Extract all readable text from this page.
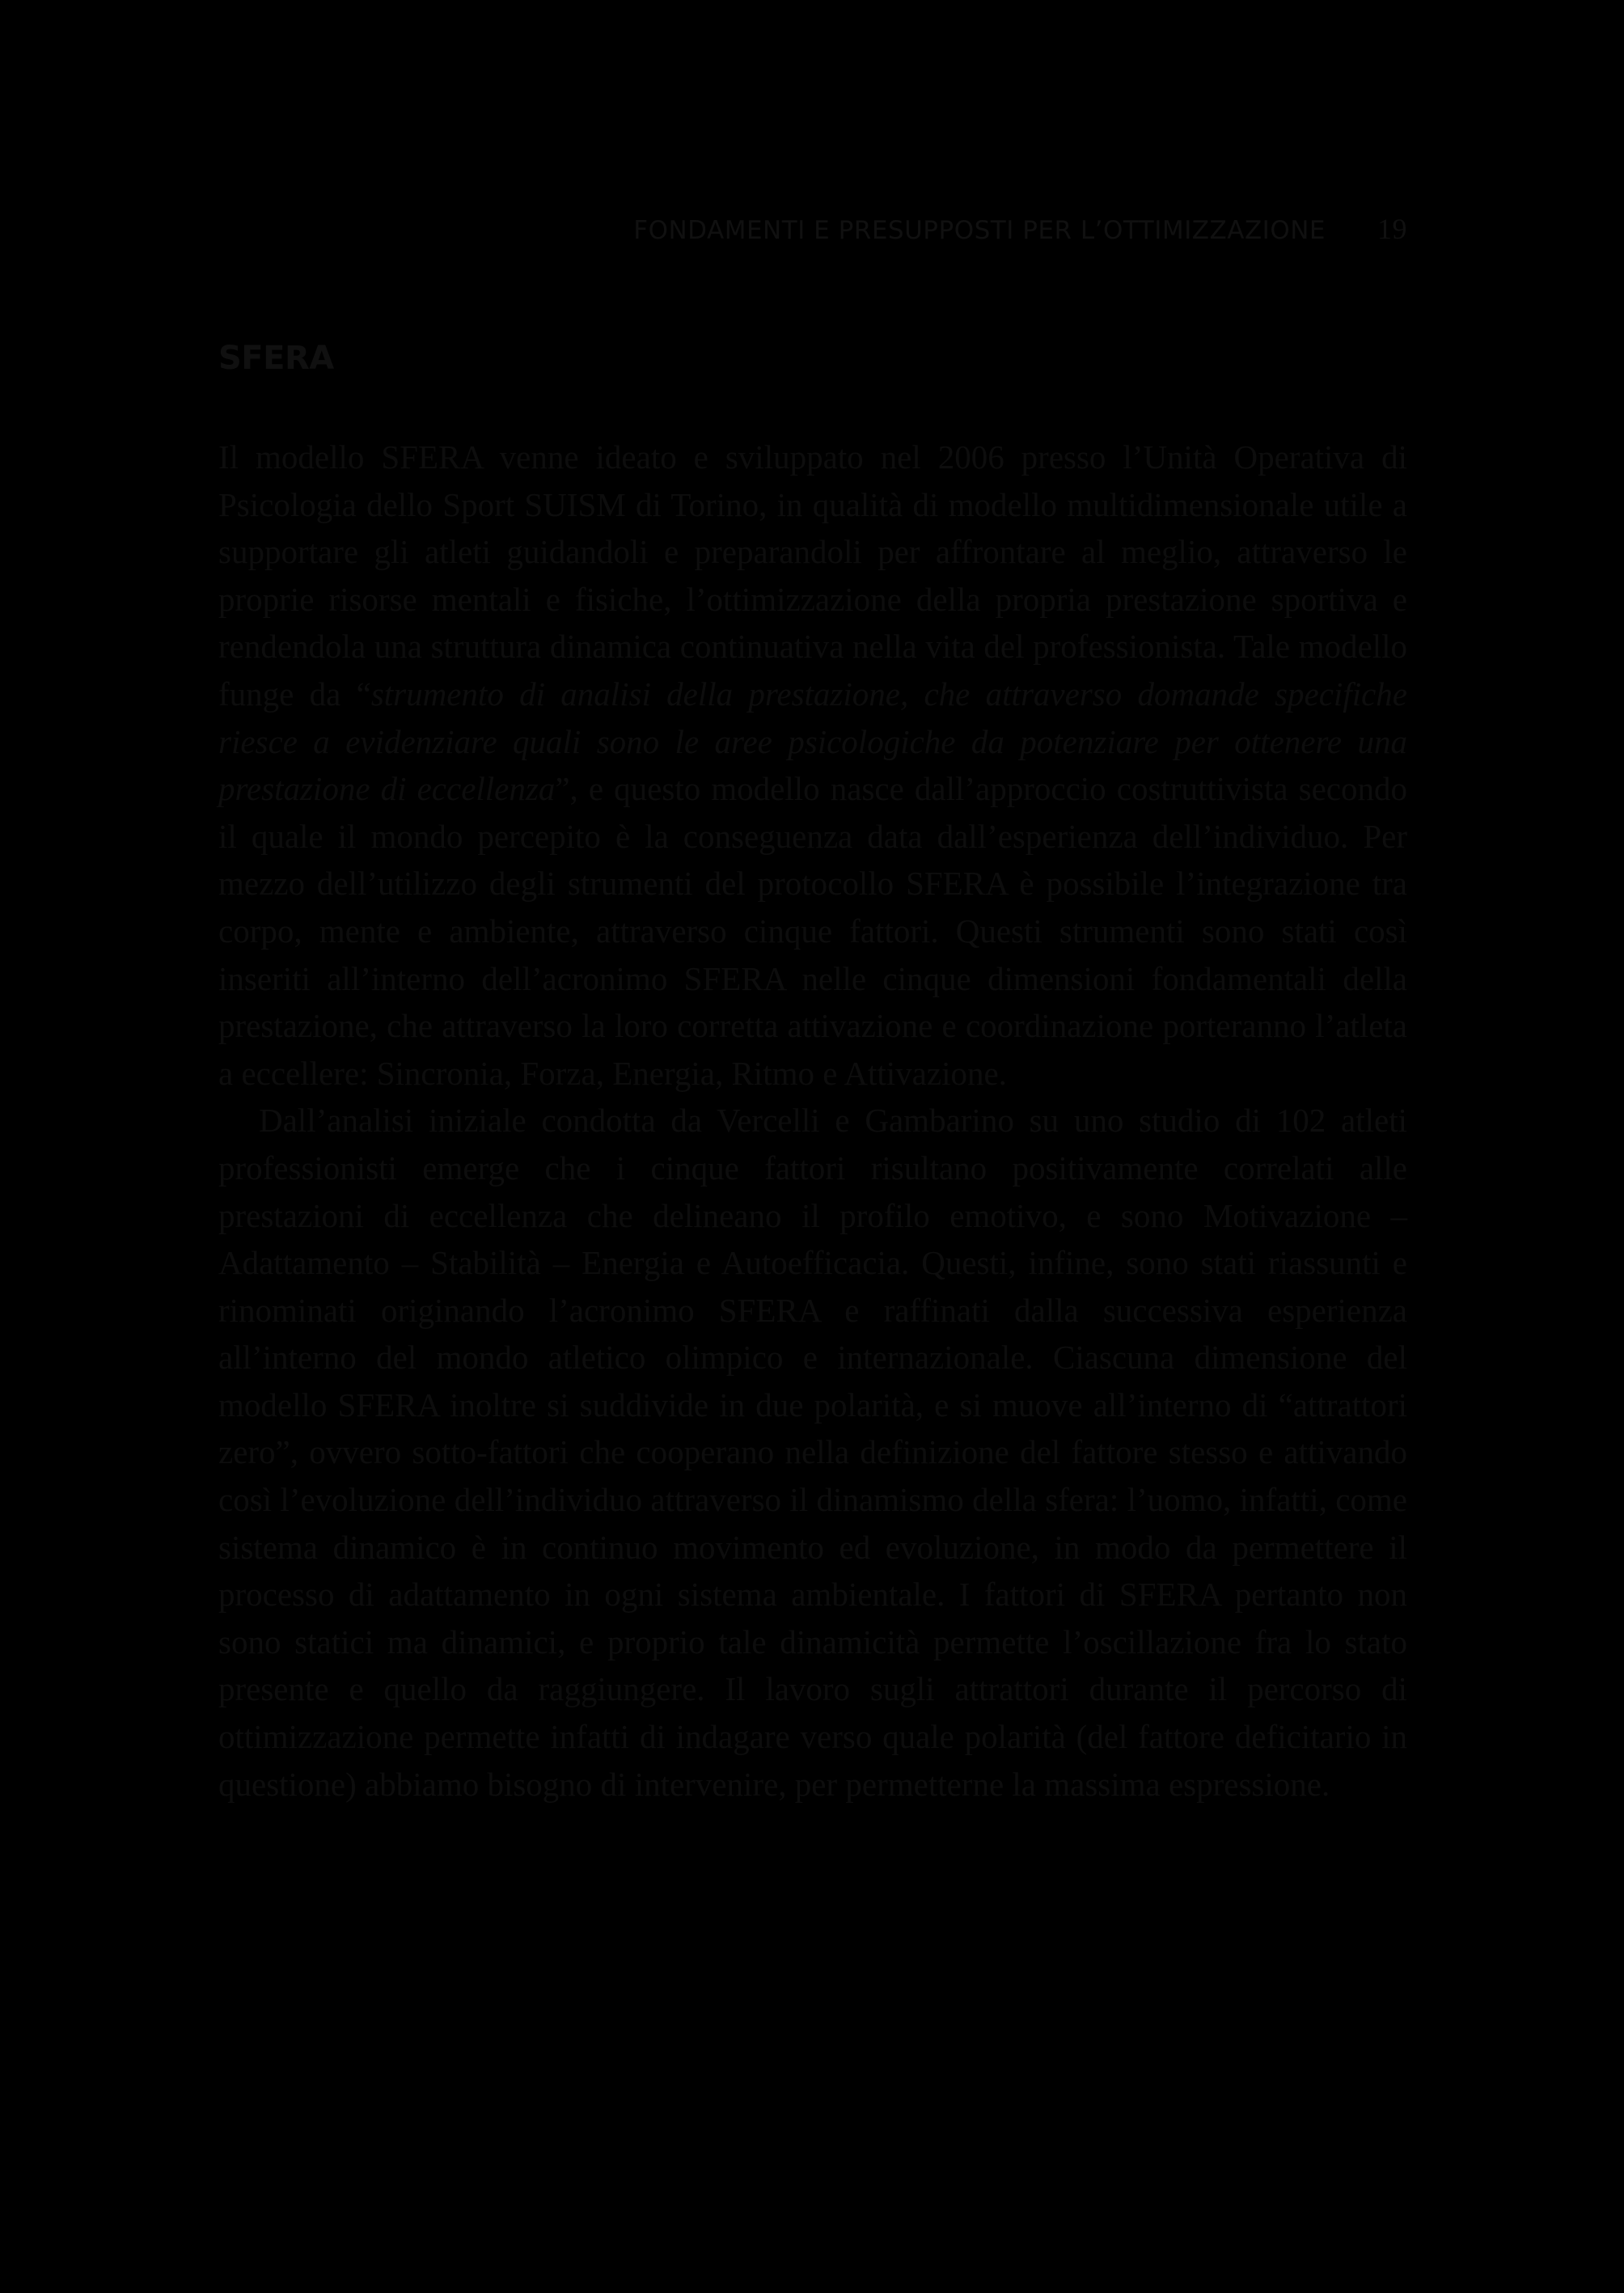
FONDAMENTI E PRESUPPOSTI PER L’OTTIMIZZAZIONE 19
SFERA

Il modello SFERA venne ideato e sviluppato nel 2006 presso l’Unità Operativa di Psicologia dello Sport SUISM di Torino, in qualità di modello multidimensionale utile a supportare gli atleti guidandoli e preparandoli per affrontare al meglio, attraverso le proprie risorse mentali e fisiche, l’ottimizzazione della propria prestazione sportiva e rendendola una struttura dinamica continuativa nella vita del professionista. Tale modello funge da “strumento di analisi della prestazione, che attraverso domande specifiche riesce a evidenziare quali sono le aree psicologiche da potenziare per ottenere una prestazione di eccellenza”, e questo modello nasce dall’approccio costruttivista secondo il quale il mondo percepito è la conseguenza data dall’esperienza dell’individuo. Per mezzo dell’utilizzo degli strumenti del protocollo SFERA è possibile l’integrazione tra corpo, mente e ambiente, attraverso cinque fattori. Questi strumenti sono stati così inseriti all’interno dell’acronimo SFERA nelle cinque dimensioni fondamentali della prestazione, che attraverso la loro corretta attivazione e coordinazione porteranno l’atleta a eccellere: Sincronia, Forza, Energia, Ritmo e Attivazione.

Dall’analisi iniziale condotta da Vercelli e Gambarino su uno studio di 102 atleti professionisti emerge che i cinque fattori risultano positivamente correlati alle prestazioni di eccellenza che delineano il profilo emotivo, e sono Motivazione – Adattamento – Stabilità – Energia e Autoefficacia. Questi, infine, sono stati riassunti e rinominati originando l’acronimo SFERA e raffinati dalla successiva esperienza all’interno del mondo atletico olimpico e internazionale. Ciascuna dimensione del modello SFERA inoltre si suddivide in due polarità, e si muove all’interno di “attrattori zero”, ovvero sotto-fattori che cooperano nella definizione del fattore stesso e attivando così l’evoluzione dell’individuo attraverso il dinamismo della sfera: l’uomo, infatti, come sistema dinamico è in continuo movimento ed evoluzione, in modo da permettere il processo di adattamento in ogni sistema ambientale. I fattori di SFERA pertanto non sono statici ma dinamici, e proprio tale dinamicità permette l’oscillazione fra lo stato presente e quello da raggiungere. Il lavoro sugli attrattori durante il percorso di ottimizzazione permette infatti di indagare verso quale polarità (del fattore deficitario in questione) abbiamo bisogno di intervenire, per permetterne la massima espressione.
